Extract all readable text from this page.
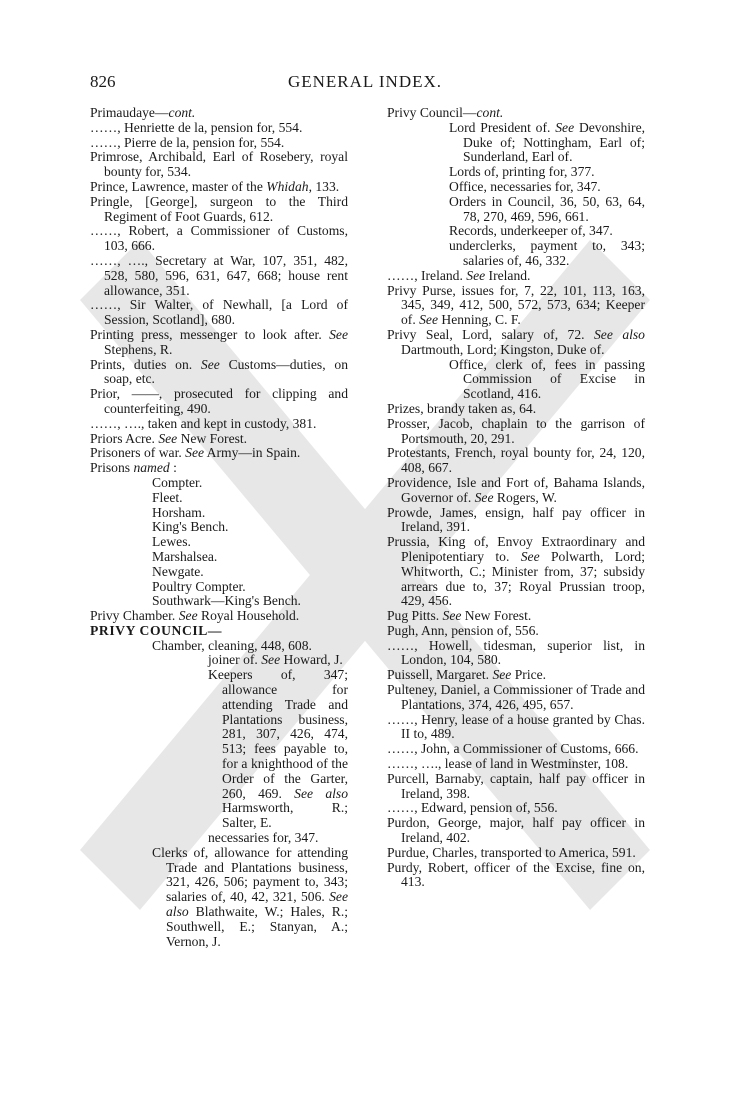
826	GENERAL INDEX.

Primaudaye—cont.

……, Henriette de la, pension for, 554.

……, Pierre de la, pension for, 554.

Primrose, Archibald, Earl of Rosebery, royal bounty for, 534.

Prince, Lawrence, master of the Whidah, 133.

Pringle, [George], surgeon to the Third Regiment of Foot Guards, 612.

……, Robert, a Commissioner of Customs, 103, 666.

……, …., Secretary at War, 107, 351, 482, 528, 580, 596, 631, 647, 668; house rent allowance, 351.

……, Sir Walter, of Newhall, [a Lord of Session, Scotland], 680.

Printing press, messenger to look after. See Stephens, R.

Prints, duties on. See Customs—duties, on soap, etc.

Prior, ——, prosecuted for clipping and counterfeiting, 490.

……, …., taken and kept in custody, 381.

Priors Acre. See New Forest.

Prisoners of war. See Army—in Spain.

Prisons named :

Compter.

Fleet.

Horsham.

King's Bench.

Lewes.

Marshalsea.

Newgate.

Poultry Compter.

Southwark—King's Bench.

Privy Chamber. See Royal Household.

PRIVY COUNCIL—

Chamber, cleaning, 448, 608.

joiner of. See Howard, J.

Keepers of, 347; allowance for attending Trade and Plantations business, 281, 307, 426, 474, 513; fees payable to, for a knighthood of the Order of the Garter, 260, 469. See also Harmsworth, R.; Salter, E.

necessaries for, 347.

Clerks of, allowance for attending Trade and Plantations business, 321, 426, 506; payment to, 343; salaries of, 40, 42, 321, 506. See also Blathwaite, W.; Hales, R.; Southwell, E.; Stanyan, A.; Vernon, J.

Privy Council—cont.

Lord President of. See Devonshire, Duke of; Nottingham, Earl of; Sunderland, Earl of.

Lords of, printing for, 377.

Office, necessaries for, 347.

Orders in Council, 36, 50, 63, 64, 78, 270, 469, 596, 661.

Records, underkeeper of, 347.

underclerks, payment to, 343; salaries of, 46, 332.

……, Ireland. See Ireland.

Privy Purse, issues for, 7, 22, 101, 113, 163, 345, 349, 412, 500, 572, 573, 634; Keeper of. See Henning, C. F.

Privy Seal, Lord, salary of, 72. See also Dartmouth, Lord; Kingston, Duke of.

Office, clerk of, fees in passing Commission of Excise in Scotland, 416.

Prizes, brandy taken as, 64.

Prosser, Jacob, chaplain to the garrison of Portsmouth, 20, 291.

Protestants, French, royal bounty for, 24, 120, 408, 667.

Providence, Isle and Fort of, Bahama Islands, Governor of. See Rogers, W.

Prowde, James, ensign, half pay officer in Ireland, 391.

Prussia, King of, Envoy Extraordinary and Plenipotentiary to. See Polwarth, Lord; Whitworth, C.; Minister from, 37; subsidy arrears due to, 37; Royal Prussian troop, 429, 456.

Pug Pitts. See New Forest.

Pugh, Ann, pension of, 556.

……, Howell, tidesman, superior list, in London, 104, 580.

Puissell, Margaret. See Price.

Pulteney, Daniel, a Commissioner of Trade and Plantations, 374, 426, 495, 657.

……, Henry, lease of a house granted by Chas. II to, 489.

……, John, a Commissioner of Customs, 666.

……, …., lease of land in Westminster, 108.

Purcell, Barnaby, captain, half pay officer in Ireland, 398.

……, Edward, pension of, 556.

Purdon, George, major, half pay officer in Ireland, 402.

Purdue, Charles, transported to America, 591.

Purdy, Robert, officer of the Excise, fine on, 413.
